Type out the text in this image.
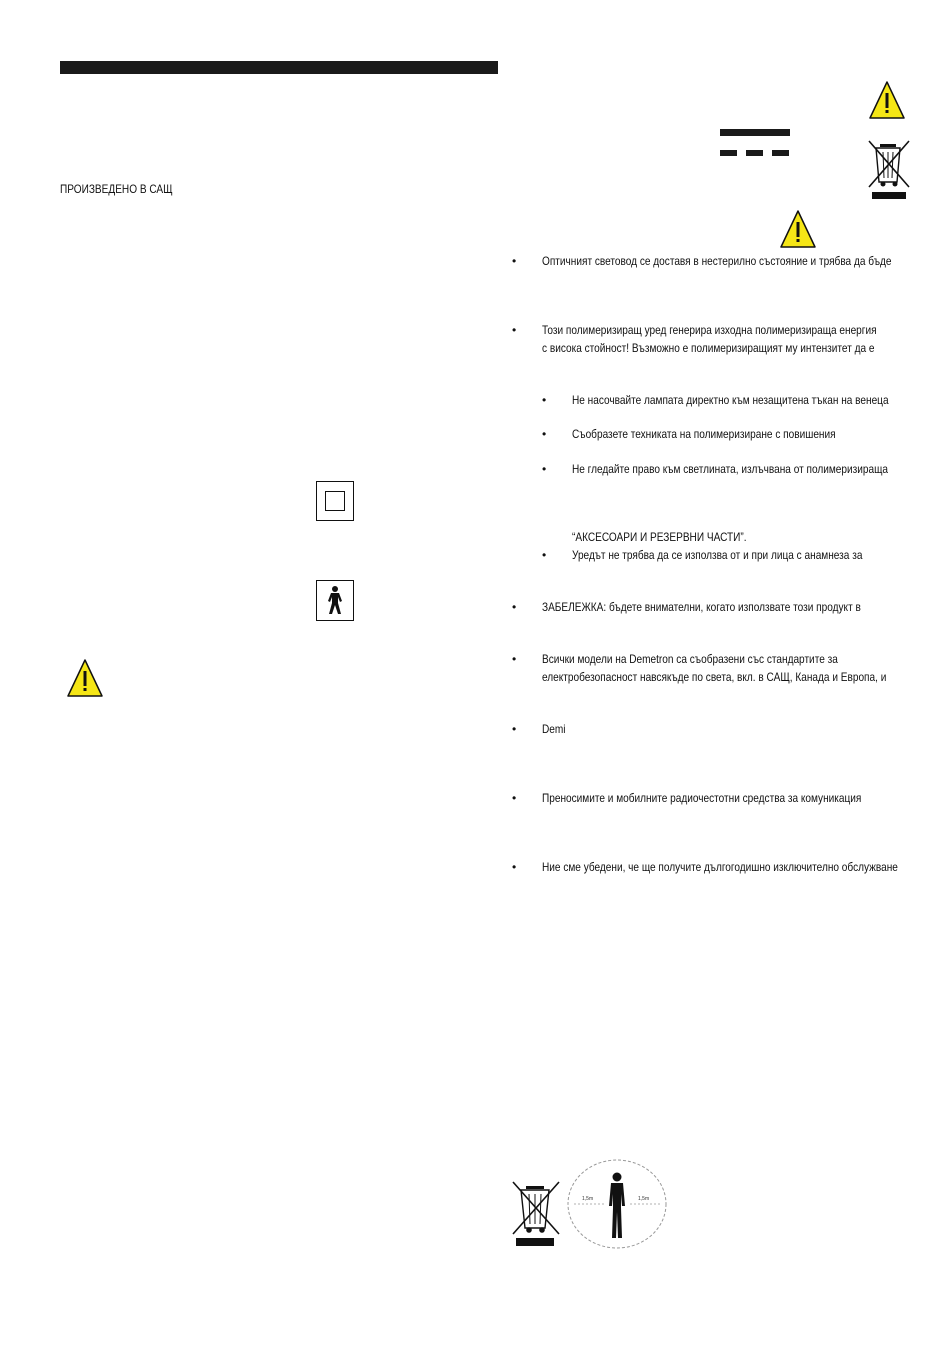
ПРОИЗВЕДЕНО В САЩ
• Оптичният световод се доставя в нестерилно състояние и трябва да бъде
• Този полимеризиращ уред генерира изходна полимеризираща енергия
с висока стойност! Възможно е полимеризиращият му интензитет да е
• Не насочвайте лампата директно към незащитена тъкан на венеца
• Съобразете техниката на полимеризиране с повишения
• Не гледайте право към светлината, излъчвана от полимеризираща
“АКСЕСОАРИ И РЕЗЕРВНИ ЧАСТИ”.
• Уредът не трябва да се използва от и при лица с анамнеза за
• ЗАБЕЛЕЖКА: бъдете внимателни, когато използвате този продукт в
• Всички модели на Demetron са съобразени със стандартите за
електробезопасност навсякъде по света, вкл. в САЩ, Канада и Европа, и
• Demi
• Преносимите и мобилните радиочестотни средства за комуникация
• Ние сме убедени, че ще получите дългогодишно изключително обслужване
1,5m	1,5m
